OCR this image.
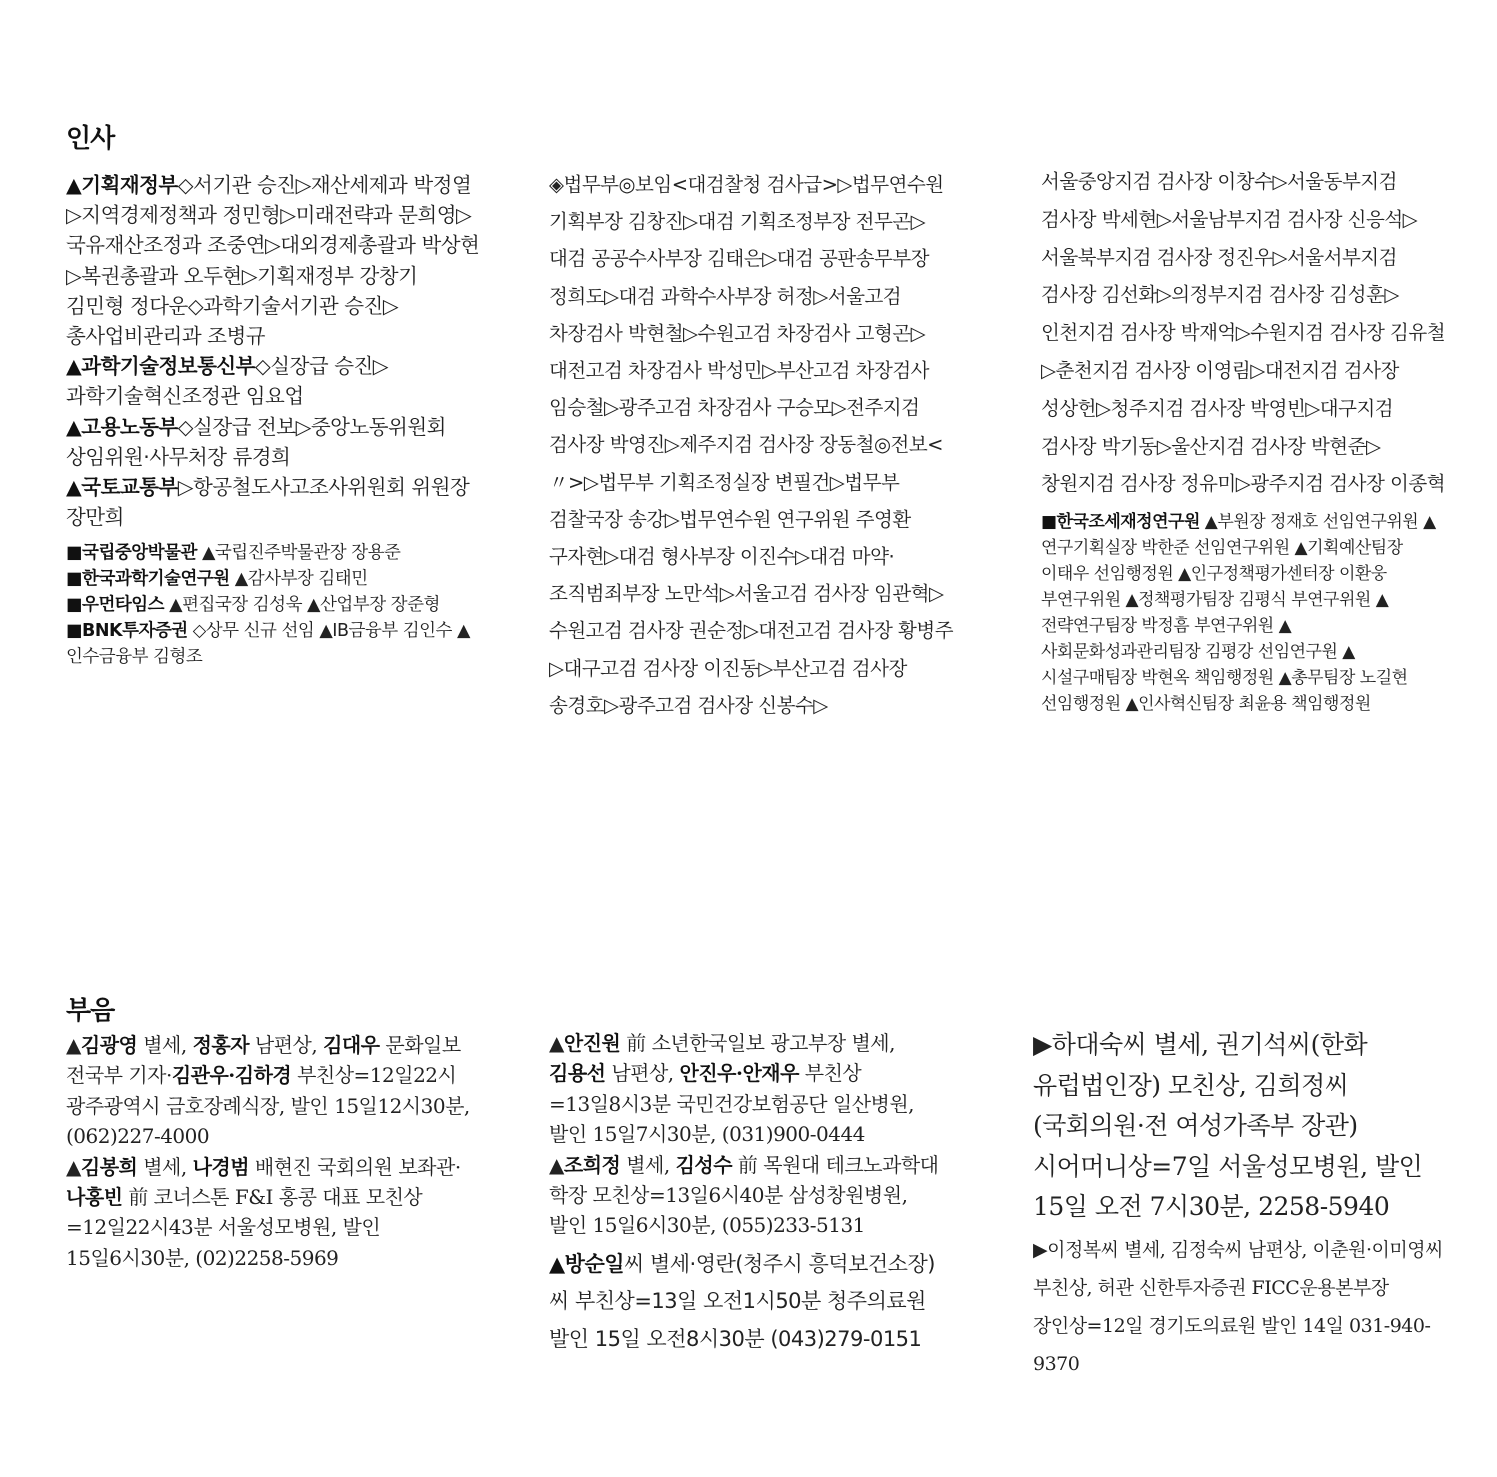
인사

▲기획재정부◇서기관 승진▷재산세제과 박정열▷지역경제정책과 정민형▷미래전략과 문희영▷국유재산조정과 조중연▷대외경제총괄과 박상현▷복권총괄과 오두현▷기획재정부 강창기 김민형 정다운◇과학기술서기관 승진▷총사업비관리과 조병규

▲과학기술정보통신부◇실장급 승진▷과학기술혁신조정관 임요업

▲고용노동부◇실장급 전보▷중앙노동위원회 상임위원·사무처장 류경희

▲국토교통부▷항공철도사고조사위원회 위원장 장만희

■국립중앙박물관 ▲국립진주박물관장 장용준

■한국과학기술연구원 ▲감사부장 김태민

■우먼타임스 ▲편집국장 김성욱 ▲산업부장 장준형

■BNK투자증권 ◇상무 신규 선임 ▲IB금융부 김인수 ▲인수금융부 김형조

◈법무부◎보임<대검찰청 검사급>▷법무연수원 기획부장 김창진▷대검 기획조정부장 전무곤▷대검 공공수사부장 김태은▷대검 공판송무부장 정희도▷대검 과학수사부장 허정▷서울고검 차장검사 박현철▷수원고검 차장검사 고형곤▷대전고검 차장검사 박성민▷부산고검 차장검사 임승철▷광주고검 차장검사 구승모▷전주지검 검사장 박영진▷제주지검 검사장 장동철◎전보<〃>▷법무부 기획조정실장 변필건▷법무부 검찰국장 송강▷법무연수원 연구위원 주영환 구자현▷대검 형사부장 이진수▷대검 마약·조직범죄부장 노만석▷서울고검 검사장 임관혁▷수원고검 검사장 권순정▷대전고검 검사장 황병주▷대구고검 검사장 이진동▷부산고검 검사장 송경호▷광주고검 검사장 신봉수▷

서울중앙지검 검사장 이창수▷서울동부지검 검사장 박세현▷서울남부지검 검사장 신응석▷서울북부지검 검사장 정진우▷서울서부지검 검사장 김선화▷의정부지검 검사장 김성훈▷인천지검 검사장 박재억▷수원지검 검사장 김유철▷춘천지검 검사장 이영림▷대전지검 검사장 성상헌▷청주지검 검사장 박영빈▷대구지검 검사장 박기동▷울산지검 검사장 박현준▷창원지검 검사장 정유미▷광주지검 검사장 이종혁

■한국조세재정연구원 ▲부원장 정재호 선임연구위원 ▲연구기획실장 박한준 선임연구위원 ▲기획예산팀장 이태우 선임행정원 ▲인구정책평가센터장 이환웅 부연구위원 ▲정책평가팀장 김평식 부연구위원 ▲전략연구팀장 박정흠 부연구위원 ▲사회문화성과관리팀장 김평강 선임연구원 ▲시설구매팀장 박현옥 책임행정원 ▲총무팀장 노길현 선임행정원 ▲인사혁신팀장 최윤용 책임행정원

부음

▲김광영 별세, 정홍자 남편상, 김대우 문화일보 전국부 기자·김관우·김하경 부친상=12일22시 광주광역시 금호장례식장, 발인 15일12시30분, (062)227-4000

▲김봉희 별세, 나경범 배현진 국회의원 보좌관·나홍빈 前 코너스톤 F&I 홍콩 대표 모친상=12일22시43분 서울성모병원, 발인 15일6시30분, (02)2258-5969

▲안진원 前 소년한국일보 광고부장 별세, 김용선 남편상, 안진우·안재우 부친상=13일8시3분 국민건강보험공단 일산병원, 발인 15일7시30분, (031)900-0444

▲조희정 별세, 김성수 前 목원대 테크노과학대 학장 모친상=13일6시40분 삼성창원병원, 발인 15일6시30분, (055)233-5131

▲방순일씨 별세·영란(청주시 흥덕보건소장)씨 부친상=13일 오전1시50분 청주의료원 발인 15일 오전8시30분 (043)279-0151

▶하대숙씨 별세, 권기석씨(한화 유럽법인장) 모친상, 김희정씨(국회의원·전 여성가족부 장관) 시어머니상=7일 서울성모병원, 발인 15일 오전 7시30분, 2258-5940

▶이정복씨 별세, 김정숙씨 남편상, 이춘원·이미영씨 부친상, 허관 신한투자증권 FICC운용본부장 장인상=12일 경기도의료원 발인 14일 031-940-9370
